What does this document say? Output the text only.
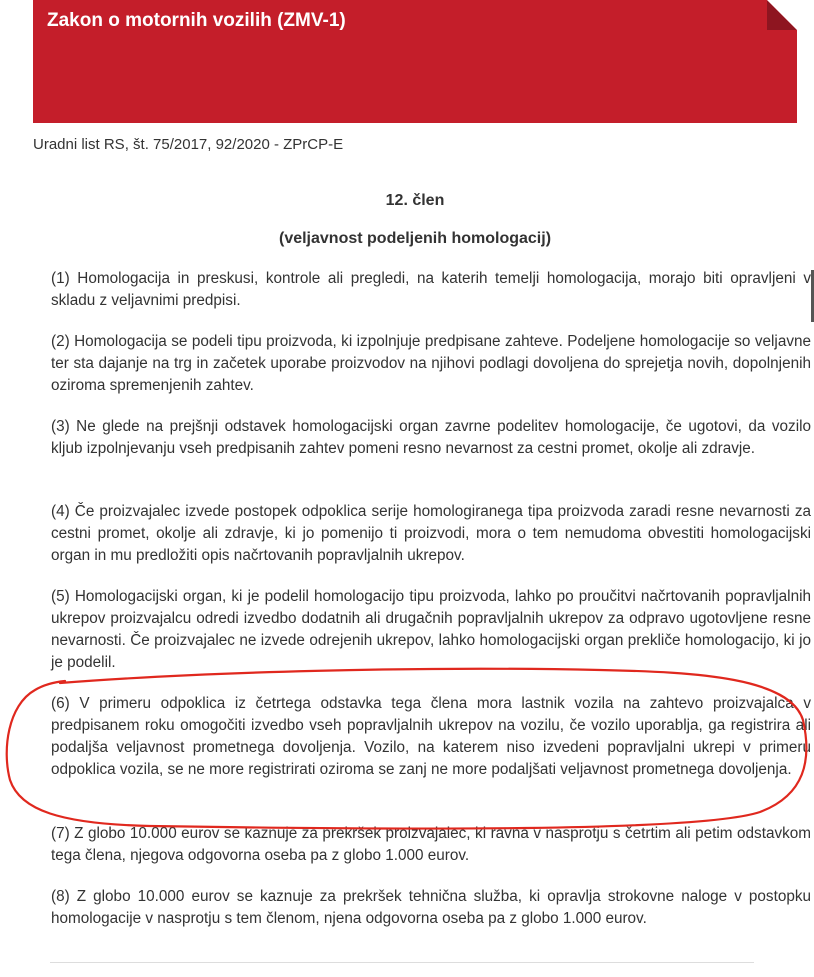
Zakon o motornih vozilih (ZMV-1)
Uradni list RS, št. 75/2017, 92/2020 - ZPrCP-E
12. člen
(veljavnost podeljenih homologacij)

(1) Homologacija in preskusi, kontrole ali pregledi, na katerih temelji homologacija, morajo biti opravljeni v skladu z veljavnimi predpisi.

(2) Homologacija se podeli tipu proizvoda, ki izpolnjuje predpisane zahteve. Podeljene homologacije so veljavne ter sta dajanje na trg in začetek uporabe proizvodov na njihovi podlagi dovoljena do sprejetja novih, dopolnjenih oziroma spremenjenih zahtev.

(3) Ne glede na prejšnji odstavek homologacijski organ zavrne podelitev homologacije, če ugotovi, da vozilo kljub izpolnjevanju vseh predpisanih zahtev pomeni resno nevarnost za cestni promet, okolje ali zdravje.

(4) Če proizvajalec izvede postopek odpoklica serije homologiranega tipa proizvoda zaradi resne nevarnosti za cestni promet, okolje ali zdravje, ki jo pomenijo ti proizvodi, mora o tem nemudoma obvestiti homologacijski organ in mu predložiti opis načrtovanih popravljalnih ukrepov.

(5) Homologacijski organ, ki je podelil homologacijo tipu proizvoda, lahko po proučitvi načrtovanih popravljalnih ukrepov proizvajalcu odredi izvedbo dodatnih ali drugačnih popravljalnih ukrepov za odpravo ugotovljene resne nevarnosti. Če proizvajalec ne izvede odrejenih ukrepov, lahko homologacijski organ prekliče homologacijo, ki jo je podelil.

(6) V primeru odpoklica iz četrtega odstavka tega člena mora lastnik vozila na zahtevo proizvajalca v predpisanem roku omogočiti izvedbo vseh popravljalnih ukrepov na vozilu, če vozilo uporablja, ga registrira ali podaljša veljavnost prometnega dovoljenja. Vozilo, na katerem niso izvedeni popravljalni ukrepi v primeru odpoklica vozila, se ne more registrirati oziroma se zanj ne more podaljšati veljavnost prometnega dovoljenja.

(7) Z globo 10.000 eurov se kaznuje za prekršek proizvajalec, ki ravna v nasprotju s četrtim ali petim odstavkom tega člena, njegova odgovorna oseba pa z globo 1.000 eurov.

(8) Z globo 10.000 eurov se kaznuje za prekršek tehnična služba, ki opravlja strokovne naloge v postopku homologacije v nasprotju s tem členom, njena odgovorna oseba pa z globo 1.000 eurov.
